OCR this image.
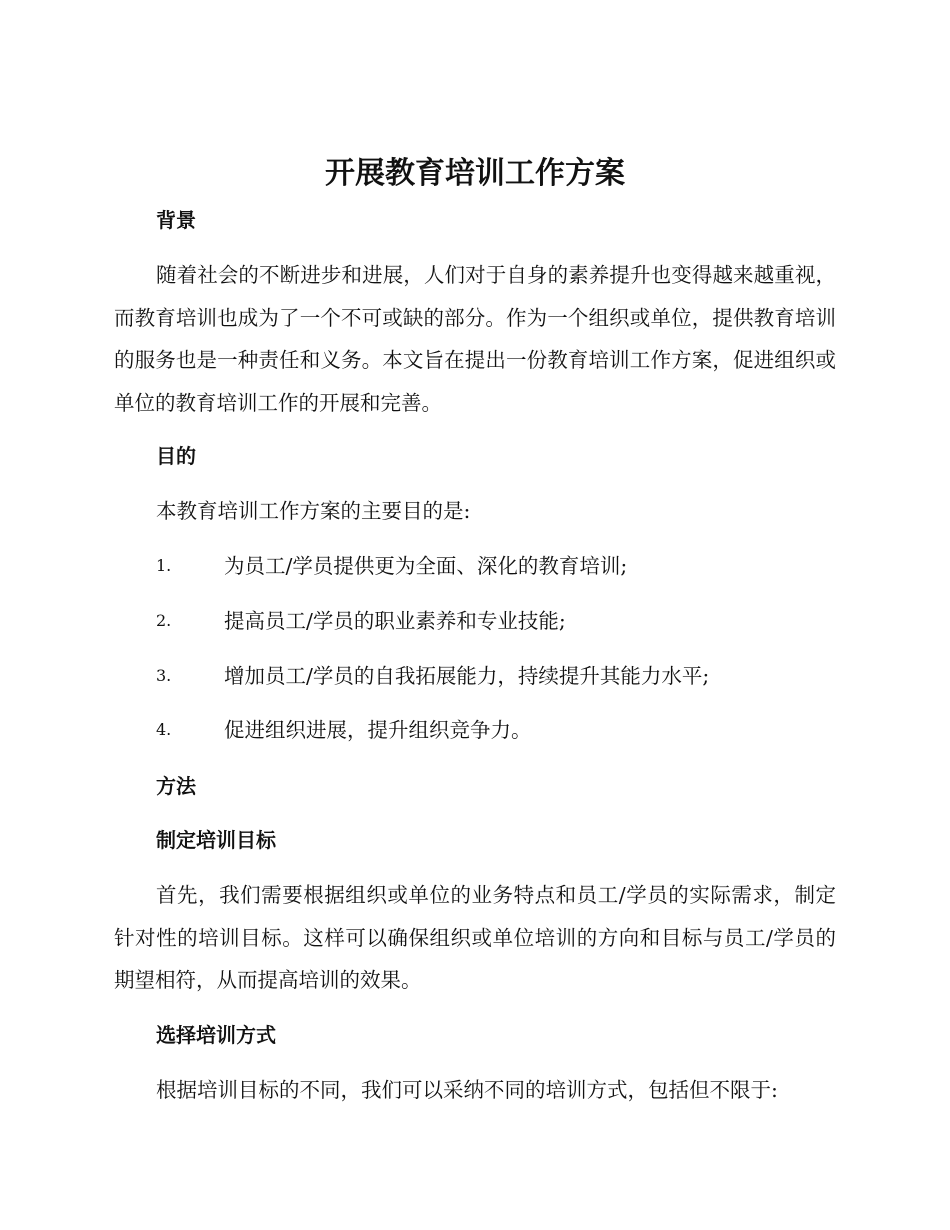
开展教育培训工作方案
背景

随着社会的不断进步和进展，人们对于自身的素养提升也变得越来越重视，而教育培训也成为了一个不可或缺的部分。作为一个组织或单位，提供教育培训的服务也是一种责任和义务。本文旨在提出一份教育培训工作方案，促进组织或单位的教育培训工作的开展和完善。

目的

本教育培训工作方案的主要目的是:

1.	为员工/学员提供更为全面、深化的教育培训;
2.	提高员工/学员的职业素养和专业技能;
3.	增加员工/学员的自我拓展能力，持续提升其能力水平;
4.	促进组织进展，提升组织竞争力。
方法
制定培训目标

首先，我们需要根据组织或单位的业务特点和员工/学员的实际需求，制定针对性的培训目标。这样可以确保组织或单位培训的方向和目标与员工/学员的期望相符，从而提高培训的效果。

选择培训方式

根据培训目标的不同，我们可以采纳不同的培训方式，包括但不限于:
